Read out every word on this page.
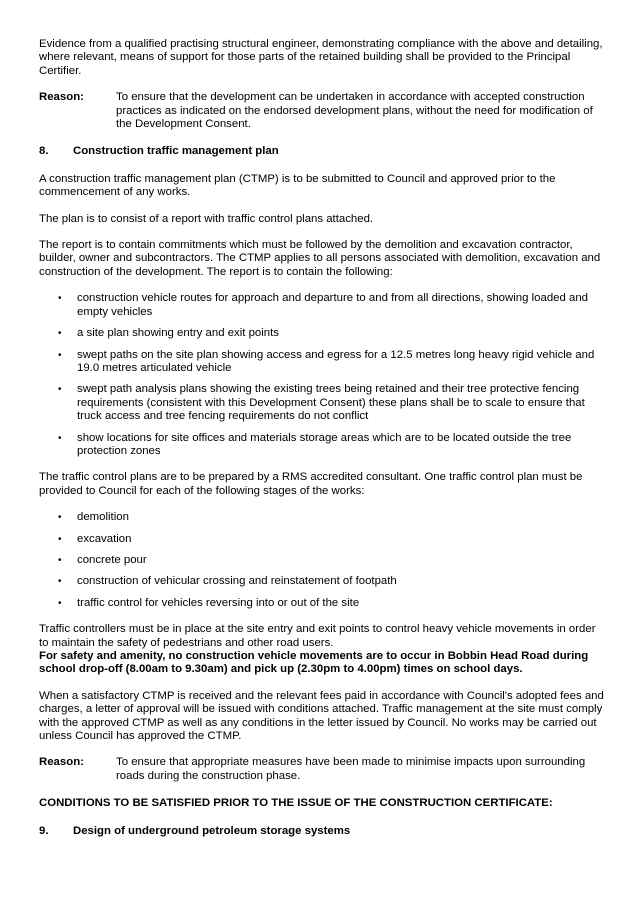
Evidence from a qualified practising structural engineer, demonstrating compliance with the above and detailing, where relevant, means of support for those parts of the retained building shall be provided to the Principal Certifier.

Reason:	To ensure that the development can be undertaken in accordance with accepted construction practices as indicated on the endorsed development plans, without the need for modification of the Development Consent.
8.	Construction traffic management plan

A construction traffic management plan (CTMP) is to be submitted to Council and approved prior to the commencement of any works.

The plan is to consist of a report with traffic control plans attached.

The report is to contain commitments which must be followed by the demolition and excavation contractor, builder, owner and subcontractors. The CTMP applies to all persons associated with demolition, excavation and construction of the development. The report is to contain the following:

•	construction vehicle routes for approach and departure to and from all directions, showing loaded and empty vehicles
•	a site plan showing entry and exit points
•	swept paths on the site plan showing access and egress for a 12.5 metres long heavy rigid vehicle and 19.0 metres articulated vehicle
•	swept path analysis plans showing the existing trees being retained and their tree protective fencing requirements (consistent with this Development Consent) these plans shall be to scale to ensure that truck access and tree fencing requirements do not conflict
•	show locations for site offices and materials storage areas which are to be located outside the tree protection zones

The traffic control plans are to be prepared by a RMS accredited consultant. One traffic control plan must be provided to Council for each of the following stages of the works:

•	demolition
•	excavation
•	concrete pour
•	construction of vehicular crossing and reinstatement of footpath
•	traffic control for vehicles reversing into or out of the site

Traffic controllers must be in place at the site entry and exit points to control heavy vehicle movements in order to maintain the safety of pedestrians and other road users.

For safety and amenity, no construction vehicle movements are to occur in Bobbin Head Road during school drop-off (8.00am to 9.30am) and pick up (2.30pm to 4.00pm) times on school days.

When a satisfactory CTMP is received and the relevant fees paid in accordance with Council's adopted fees and charges, a letter of approval will be issued with conditions attached. Traffic management at the site must comply with the approved CTMP as well as any conditions in the letter issued by Council. No works may be carried out unless Council has approved the CTMP.

Reason:	To ensure that appropriate measures have been made to minimise impacts upon surrounding roads during the construction phase.

CONDITIONS TO BE SATISFIED PRIOR TO THE ISSUE OF THE CONSTRUCTION CERTIFICATE:

9.	Design of underground petroleum storage systems
